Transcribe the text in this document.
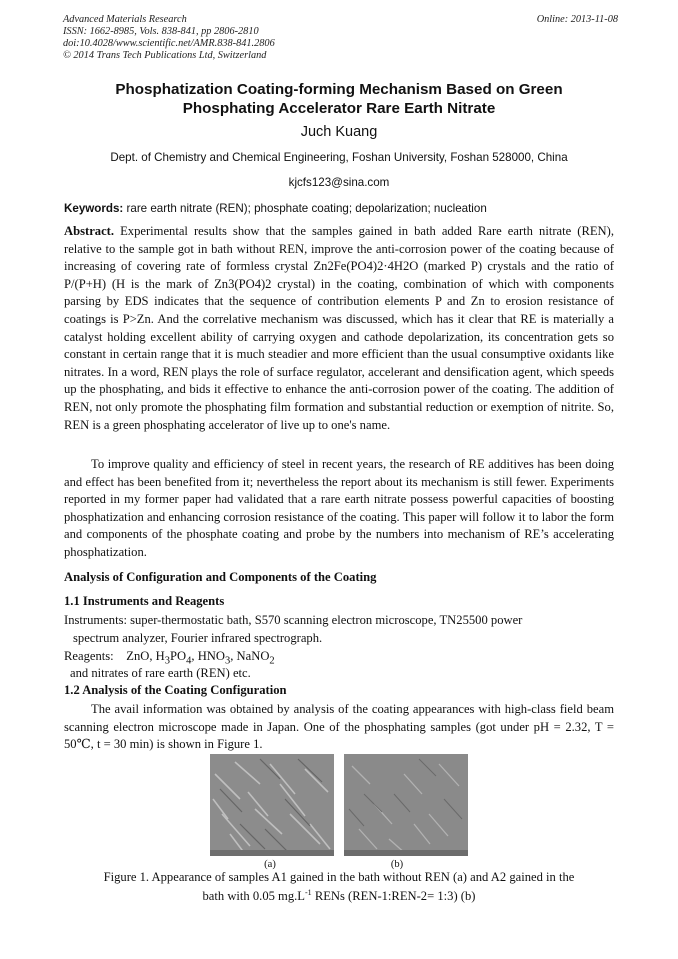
Advanced Materials Research	Online: 2013-11-08
ISSN: 1662-8985, Vols. 838-841, pp 2806-2810
doi:10.4028/www.scientific.net/AMR.838-841.2806
© 2014 Trans Tech Publications Ltd, Switzerland
Phosphatization Coating-forming Mechanism Based on Green
Phosphating Accelerator Rare Earth Nitrate
Juch Kuang
Dept. of Chemistry and Chemical Engineering, Foshan University, Foshan 528000, China
kjcfs123@sina.com
Keywords: rare earth nitrate (REN); phosphate coating; depolarization; nucleation
Abstract. Experimental results show that the samples gained in bath added Rare earth nitrate (REN), relative to the sample got in bath without REN, improve the anti-corrosion power of the coating because of increasing of covering rate of formless crystal Zn2Fe(PO4)2·4H2O (marked P) crystals and the ratio of P/(P+H) (H is the mark of Zn3(PO4)2 crystal) in the coating, combination of which with components parsing by EDS indicates that the sequence of contribution elements P and Zn to erosion resistance of coatings is P>Zn. And the correlative mechanism was discussed, which has it clear that RE is materially a catalyst holding excellent ability of carrying oxygen and cathode depolarization, its concentration gets so constant in certain range that it is much steadier and more efficient than the usual consumptive oxidants like nitrates. In a word, REN plays the role of surface regulator, accelerant and densification agent, which speeds up the phosphating, and bids it effective to enhance the anti-corrosion power of the coating. The addition of REN, not only promote the phosphating film formation and substantial reduction or exemption of nitrite. So, REN is a green phosphating accelerator of live up to one's name.
To improve quality and efficiency of steel in recent years, the research of RE additives has been doing and effect has been benefited from it; nevertheless the report about its mechanism is still fewer. Experiments reported in my former paper had validated that a rare earth nitrate possess powerful capacities of boosting phosphatization and enhancing corrosion resistance of the coating. This paper will follow it to labor the form and components of the phosphate coating and probe by the numbers into mechanism of RE’s accelerating phosphatization.
Analysis of Configuration and Components of the Coating
1.1 Instruments and Reagents
Instruments: super-thermostatic bath, S570 scanning electron microscope, TN25500 power
spectrum analyzer, Fourier infrared spectrograph.
Reagents: ZnO, $H_3PO_4$, $HNO_3$, NaNO$_2$
and nitrates of rare earth (REN) etc.
1.2 Analysis of the Coating Configuration
The avail information was obtained by analysis of the coating appearances with high-class field beam scanning electron microscope made in Japan. One of the phosphating samples (got under pH = 2.32, T = 50℃, t = 30 min) is shown in Figure 1.
(a)	(b)
Figure 1. Appearance of samples A1 gained in the bath without REN (a) and A2 gained in the
bath with 0.05 $mg.L^{-1}$ RENs (REN-1:REN-2= 1:3) (b)
